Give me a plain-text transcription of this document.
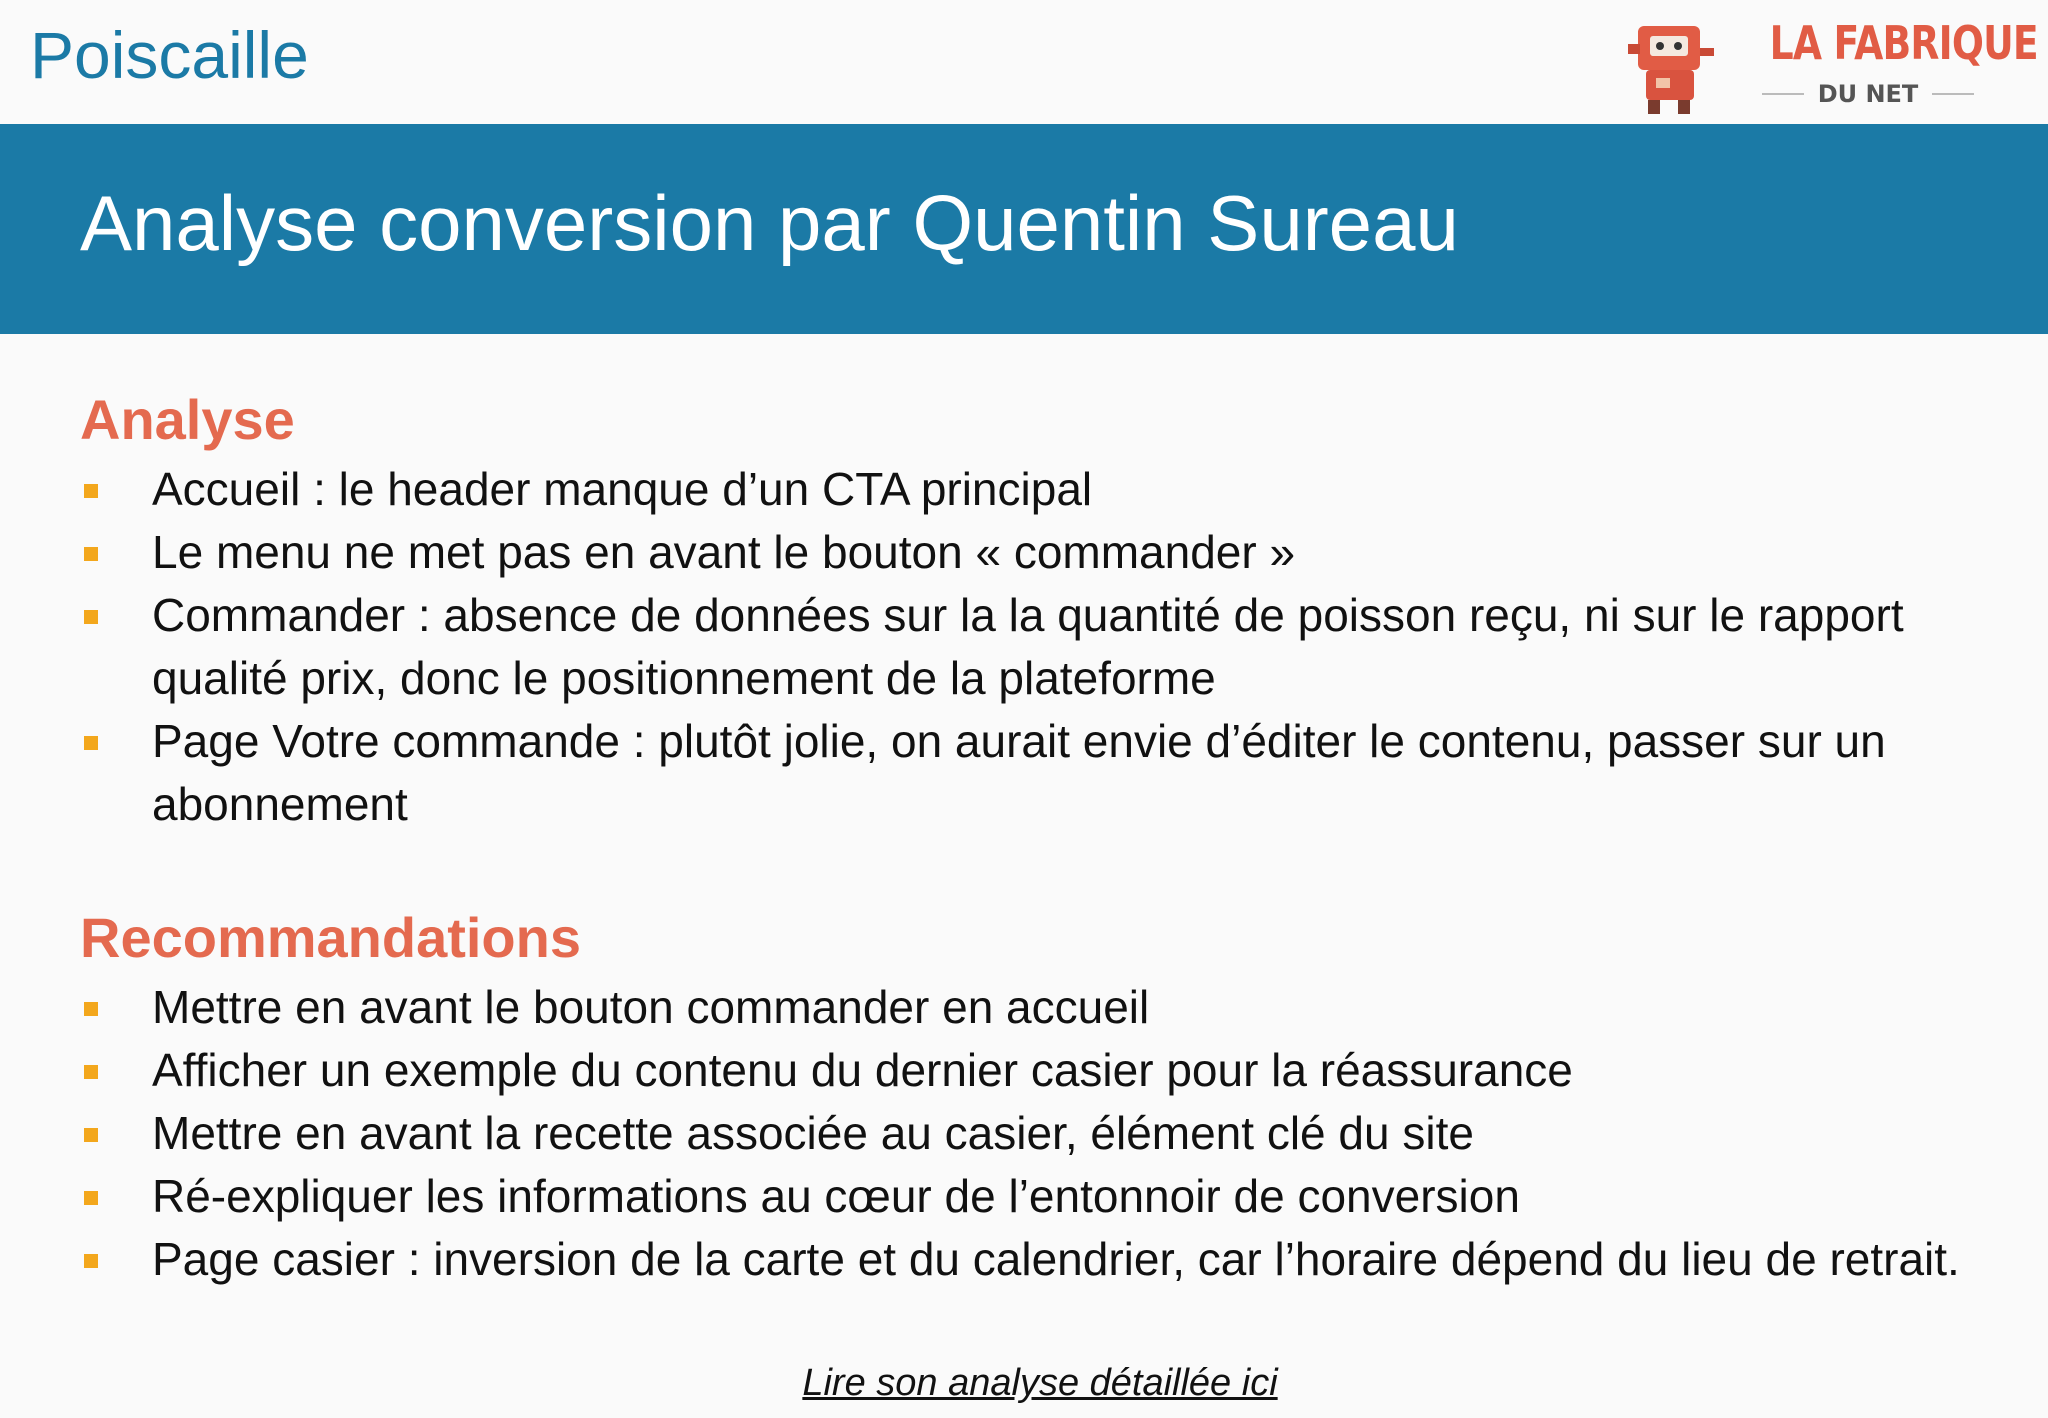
Poiscaille	LA FABRIQUE
DU NET
Analyse conversion par Quentin Sureau
Analyse
Accueil : le header manque d’un CTA principal
Le menu ne met pas en avant le bouton « commander »
Commander : absence de données sur la la quantité de poisson reçu, ni sur le rapport qualité prix, donc le positionnement de la plateforme
Page Votre commande : plutôt jolie, on aurait envie d’éditer le contenu, passer sur un abonnement
Recommandations
Mettre en avant le bouton commander en accueil
Afficher un exemple du contenu du dernier casier pour la réassurance
Mettre en avant la recette associée au casier, élément clé du site
Ré-expliquer les informations au cœur de l’entonnoir de conversion
Page casier : inversion de la carte et du calendrier, car l’horaire dépend du lieu de retrait.
Lire son analyse détaillée ici
